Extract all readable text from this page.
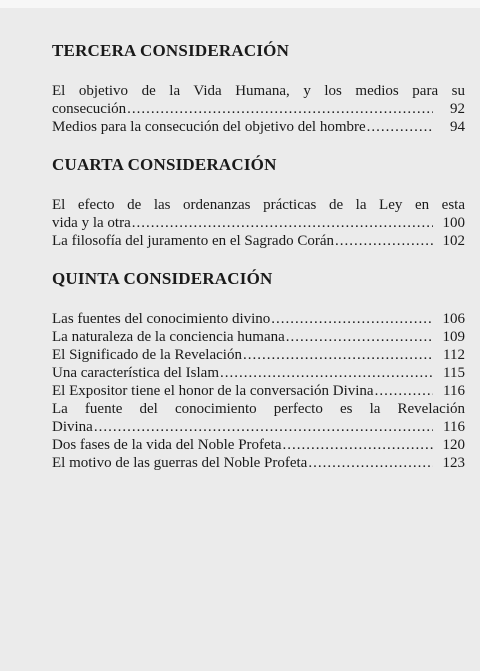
TERCERA CONSIDERACIÓN
El objetivo de la Vida Humana, y los medios para su
consecución .....	92
Medios para la consecución del objetivo del hombre .....	94
CUARTA CONSIDERACIÓN
El efecto de las ordenanzas prácticas de la Ley en esta
vida y la otra .....	100
La filosofía del juramento en el Sagrado Corán .....	102
QUINTA CONSIDERACIÓN
Las fuentes del conocimiento divino .....	106
La naturaleza de la conciencia humana .....	109
El Significado de la Revelación .....	112
Una característica del Islam .....	115
El Expositor tiene el honor de la conversación Divina .....	116
La fuente del conocimiento perfecto es la Revelación
Divina .....	116
Dos fases de la vida del Noble Profeta .....	120
El motivo de las guerras del Noble Profeta .....	123
